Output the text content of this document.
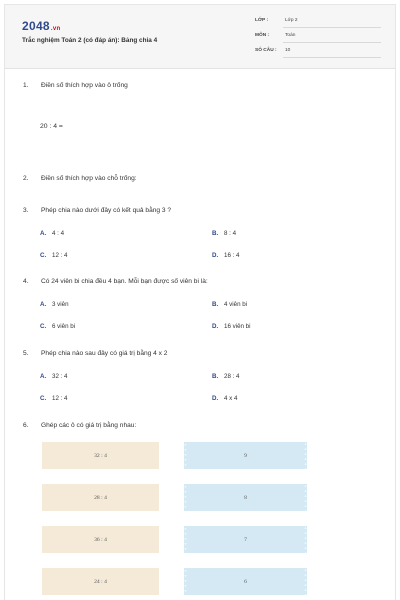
2048.vn
Trắc nghiệm Toán 2 (có đáp án): Bảng chia 4
LỚP :	Lớp 2
MÔN :	Toán
SỐ CÂU : 10
1. Điền số thích hợp vào ô trống
20 : 4 =
2. Điền số thích hợp vào chỗ trống:
3. Phép chia nào dưới đây có kết quả bằng 3 ?
A. 4 : 4	B. 8 : 4
C. 12 : 4	D. 16 : 4
4. Có 24 viên bi chia đều 4 bạn. Mỗi bạn được số viên bi là:
A. 3 viên	B. 4 viên bi
C. 6 viên bi	D. 16 viên bi
5. Phép chia nào sau đây có giá trị bằng 4 x 2
A. 32 : 4	B. 28 : 4
C. 12 : 4	D. 4 x 4
6. Ghép các ô có giá trị bằng nhau:
32 : 4	9
28 : 4	8
36 : 4	7
24 : 4	6
